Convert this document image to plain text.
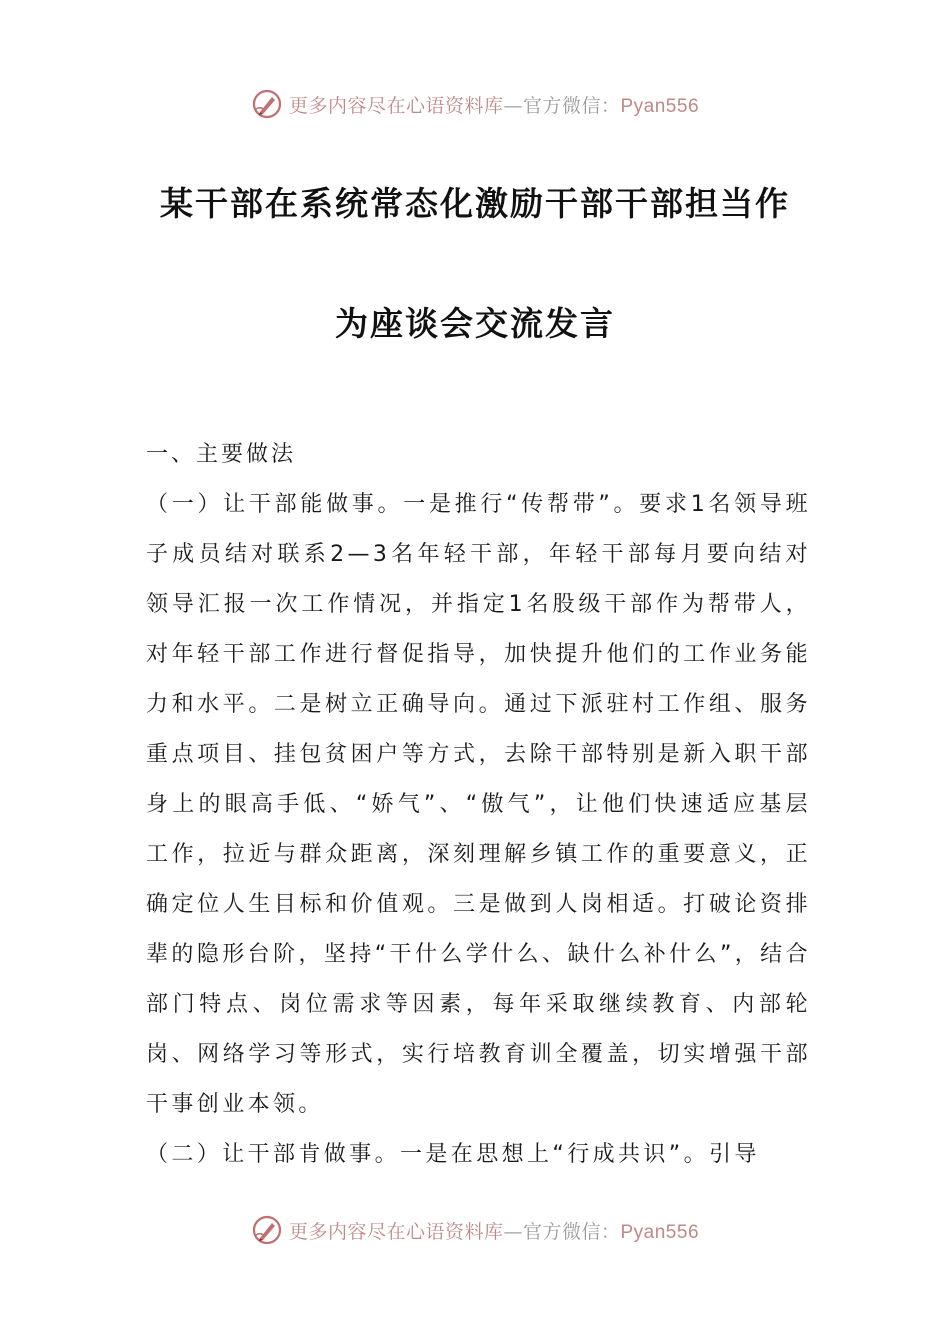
更多内容尽在心语资料库—官方微信：Pyan556
某干部在系统常态化激励干部干部担当作
为座谈会交流发言

一、主要做法

（一）让干部能做事。一是推行“传帮带”。要求1名领导班子成员结对联系2—3名年轻干部，年轻干部每月要向结对领导汇报一次工作情况，并指定1名股级干部作为帮带人，对年轻干部工作进行督促指导，加快提升他们的工作业务能力和水平。二是树立正确导向。通过下派驻村工作组、服务重点项目、挂包贫困户等方式，去除干部特别是新入职干部身上的眼高手低、“娇气”、“傲气”，让他们快速适应基层工作，拉近与群众距离，深刻理解乡镇工作的重要意义，正确定位人生目标和价值观。三是做到人岗相适。打破论资排辈的隐形台阶，坚持“干什么学什么、缺什么补什么”，结合部门特点、岗位需求等因素，每年采取继续教育、内部轮岗、网络学习等形式，实行培教育训全覆盖，切实增强干部干事创业本领。

（二）让干部肯做事。一是在思想上“行成共识”。引导

更多内容尽在心语资料库—官方微信：Pyan556
